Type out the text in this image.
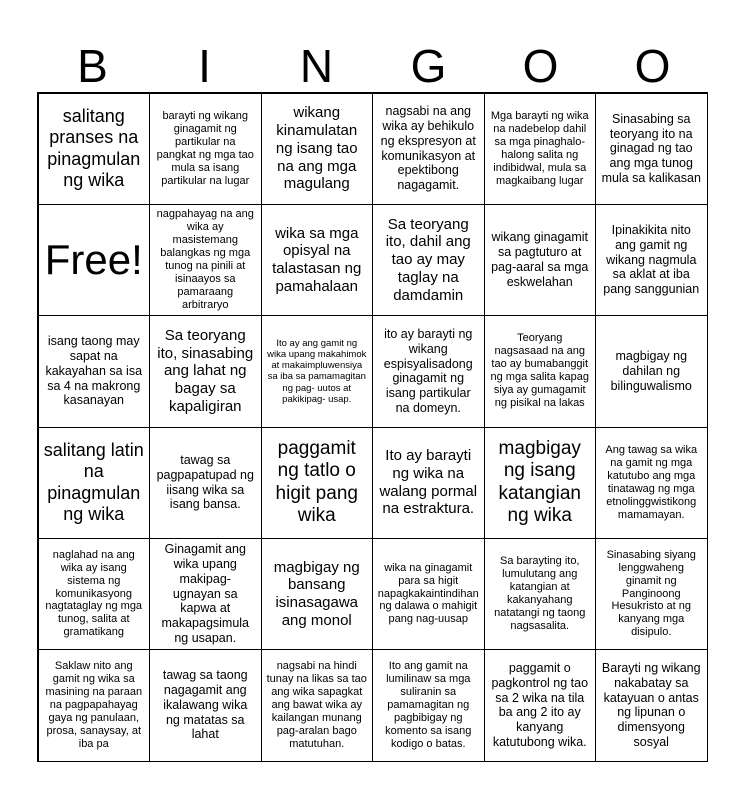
B	I	N	G	O	O
salitang pranses na pinagmulan ng wika
barayti ng wikang ginagamit ng partikular na pangkat ng mga tao mula sa isang partikular na lugar
wikang kinamulatan ng isang tao na ang mga magulang
nagsabi na ang wika ay behikulo ng ekspresyon at komunikasyon at epektibong nagagamit.
Mga barayti ng wika na nadebelop dahil sa mga pinaghalo-halong salita ng indibidwal, mula sa magkaibang lugar
Sinasabing sa teoryang ito na ginagad ng tao ang mga tunog mula sa kalikasan
Free!
nagpahayag na ang wika ay masistemang balangkas ng mga tunog na pinili at isinaayos sa pamaraang arbitraryo
wika sa mga opisyal na talastasan ng pamahalaan
Sa teoryang ito, dahil ang tao ay may taglay na damdamin
wikang ginagamit sa pagtuturo at pag-aaral sa mga eskwelahan
Ipinakikita nito ang gamit ng wikang nagmula sa aklat at iba pang sanggunian
isang taong may sapat na kakayahan sa isa sa 4 na makrong kasanayan
Sa teoryang ito, sinasabing ang lahat ng bagay sa kapaligiran
Ito ay ang gamit ng wika upang makahimok at makaimpluwensiya sa iba sa pamamagitan ng pag- uutos at pakikipag- usap.
ito ay barayti ng wikang espisyalisadong ginagamit ng isang partikular na domeyn.
Teoryang nagsasaad na ang tao ay bumabanggit ng mga salita kapag siya ay gumagamit ng pisikal na lakas
magbigay ng dahilan ng bilinguwalismo
salitang latin na pinagmulan ng wika
tawag sa pagpapatupad ng iisang wika sa isang bansa.
paggamit ng tatlo o higit pang wika
Ito ay barayti ng wika na walang pormal na estraktura.
magbigay ng isang katangian ng wika
Ang tawag sa wika na gamit ng mga katutubo ang mga tinatawag ng mga etnolinggwistikong mamamayan.
naglahad na ang wika ay isang sistema ng komunikasyong nagtataglay ng mga tunog, salita at gramatikang
Ginagamit ang wika upang makipag- ugnayan sa kapwa at makapagsimula ng usapan.
magbigay ng bansang isinasagawa ang monol
wika na ginagamit para sa higit napagkakaintindihan ng dalawa o mahigit pang nag-uusap
Sa barayting ito, lumulutang ang katangian at kakanyahang natatangi ng taong nagsasalita.
Sinasabing siyang lenggwaheng ginamit ng Panginoong Hesukristo at ng kanyang mga disipulo.
Saklaw nito ang gamit ng wika sa masining na paraan na pagpapahayag gaya ng panulaan, prosa, sanaysay, at iba pa
tawag sa taong nagagamit ang ikalawang wika ng matatas sa lahat
nagsabi na hindi tunay na likas sa tao ang wika sapagkat ang bawat wika ay kailangan munang pag-aralan bago matutuhan.
Ito ang gamit na lumilinaw sa mga suliranin sa pamamagitan ng pagbibigay ng komento sa isang kodigo o batas.
paggamit o pagkontrol ng tao sa 2 wika na tila ba ang 2 ito ay kanyang katutubong wika.
Barayti ng wikang nakabatay sa katayuan o antas ng lipunan o dimensyong sosyal
